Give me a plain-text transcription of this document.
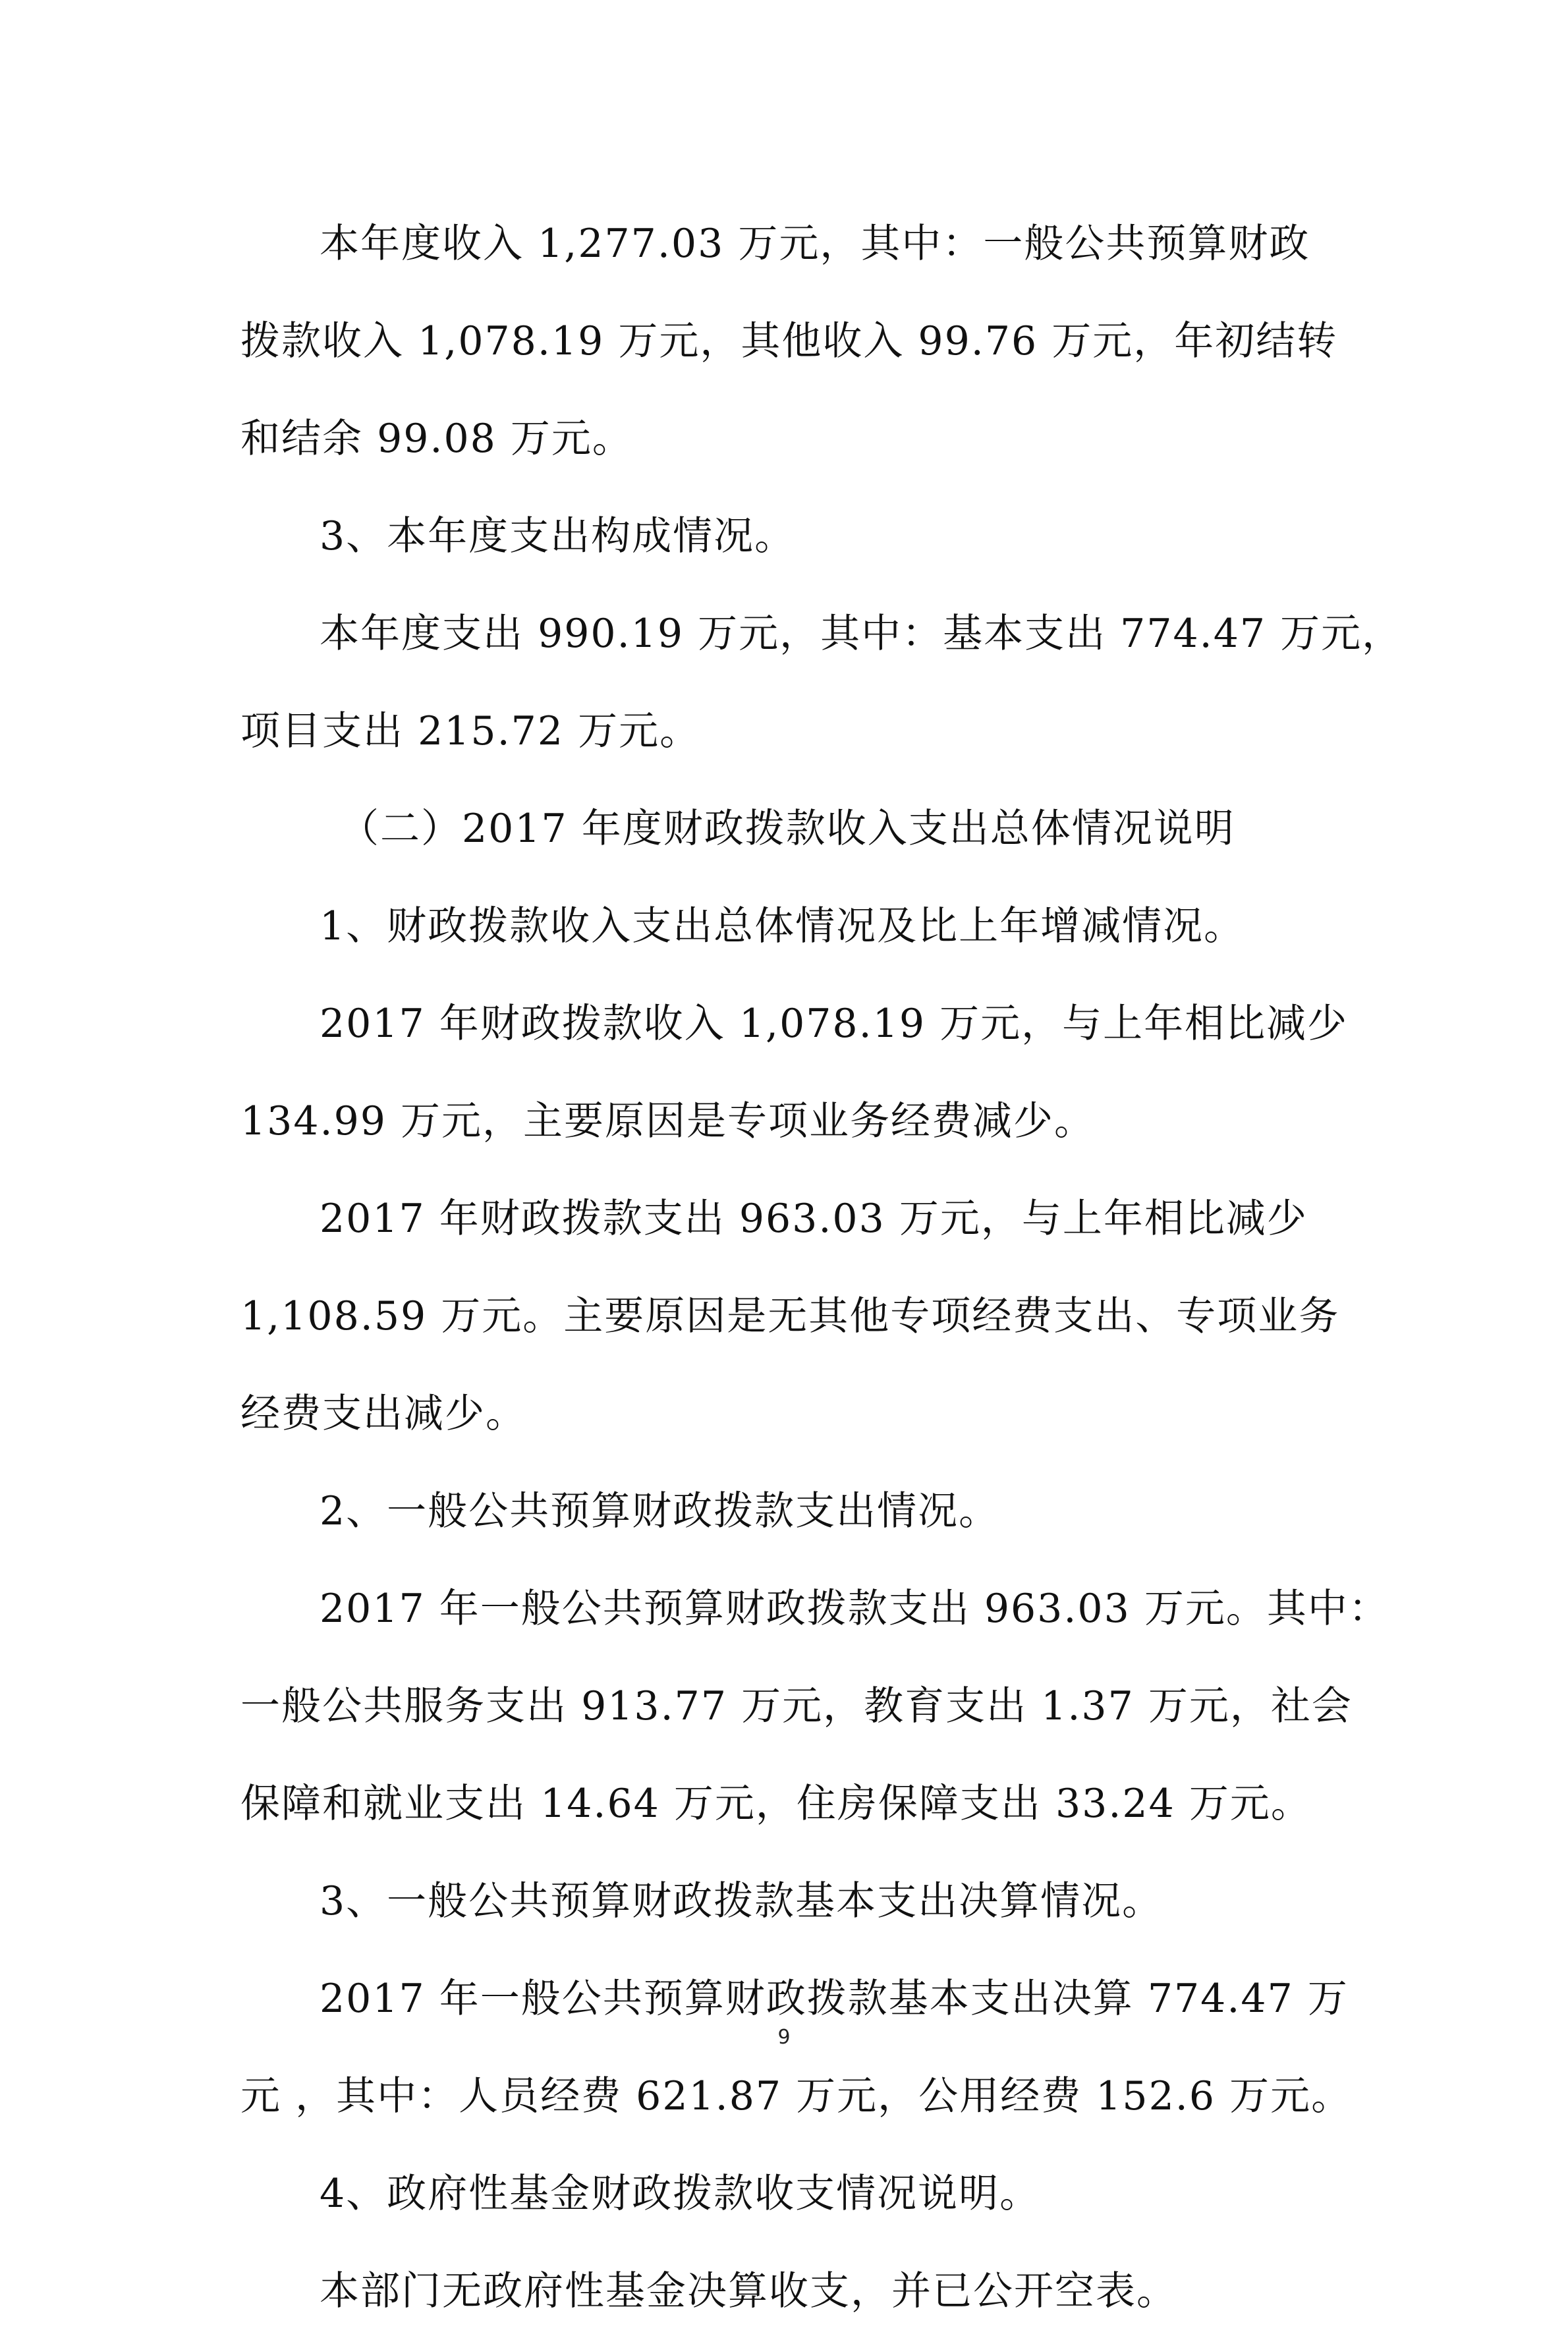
本年度收入 1,277.03 万元，其中：一般公共预算财政
拨款收入 1,078.19 万元，其他收入 99.76 万元，年初结转
和结余 99.08 万元。
3、本年度支出构成情况。
本年度支出 990.19 万元，其中：基本支出 774.47 万元，
项目支出 215.72 万元。
（二）2017 年度财政拨款收入支出总体情况说明
1、财政拨款收入支出总体情况及比上年增减情况。
2017 年财政拨款收入 1,078.19 万元，与上年相比减少
134.99 万元，主要原因是专项业务经费减少。
2017 年财政拨款支出 963.03 万元，与上年相比减少
1,108.59 万元。主要原因是无其他专项经费支出、专项业务
经费支出减少。
2、一般公共预算财政拨款支出情况。
2017 年一般公共预算财政拨款支出 963.03 万元。其中：
一般公共服务支出 913.77 万元，教育支出 1.37 万元，社会
保障和就业支出 14.64 万元，住房保障支出 33.24 万元。
3、一般公共预算财政拨款基本支出决算情况。
2017 年一般公共预算财政拨款基本支出决算 774.47 万
元 ，其中：人员经费 621.87 万元，公用经费 152.6 万元。
4、政府性基金财政拨款收支情况说明。
本部门无政府性基金决算收支，并已公开空表。
9
